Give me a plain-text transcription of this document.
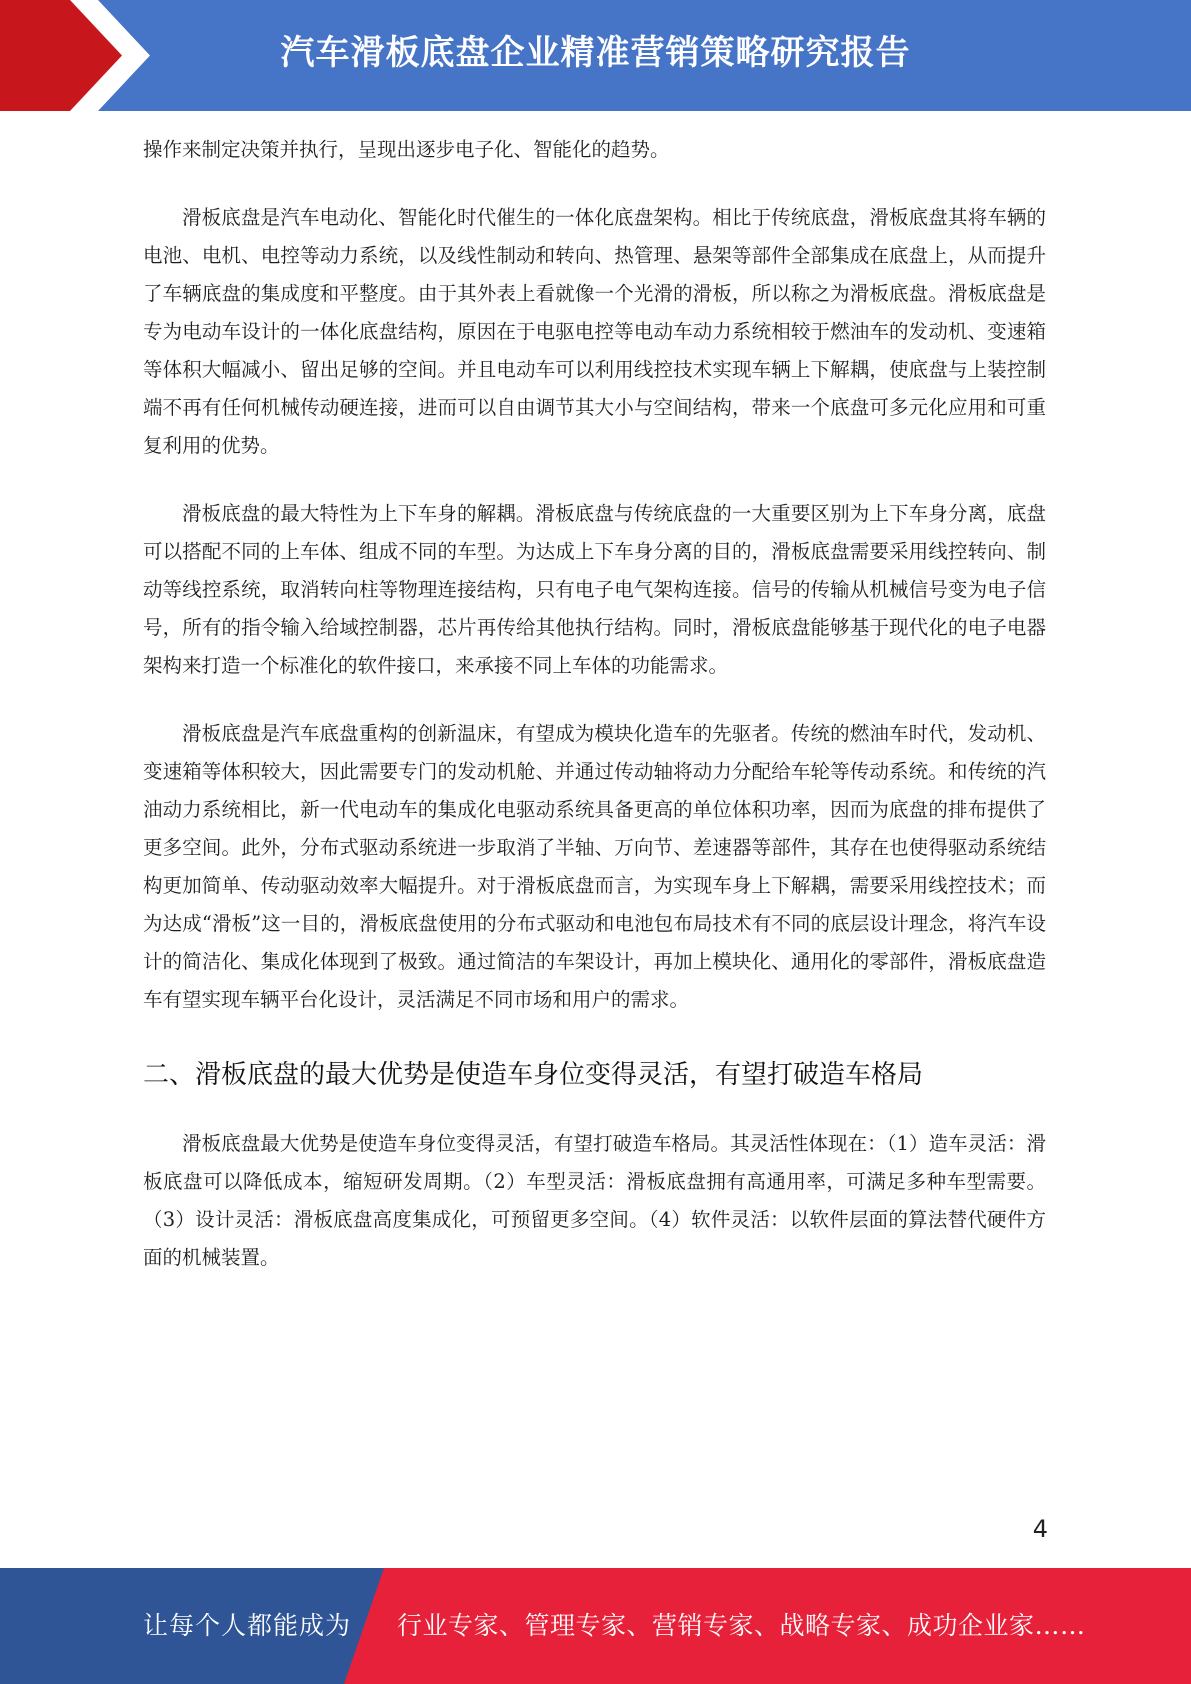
汽车滑板底盘企业精准营销策略研究报告

操作来制定决策并执行，呈现出逐步电子化、智能化的趋势。

滑板底盘是汽车电动化、智能化时代催生的一体化底盘架构。相比于传统底盘，滑板底盘其将车辆的电池、电机、电控等动力系统，以及线性制动和转向、热管理、悬架等部件全部集成在底盘上，从而提升了车辆底盘的集成度和平整度。由于其外表上看就像一个光滑的滑板，所以称之为滑板底盘。滑板底盘是专为电动车设计的一体化底盘结构，原因在于电驱电控等电动车动力系统相较于燃油车的发动机、变速箱等体积大幅减小、留出足够的空间。并且电动车可以利用线控技术实现车辆上下解耦，使底盘与上装控制端不再有任何机械传动硬连接，进而可以自由调节其大小与空间结构，带来一个底盘可多元化应用和可重复利用的优势。

滑板底盘的最大特性为上下车身的解耦。滑板底盘与传统底盘的一大重要区别为上下车身分离，底盘可以搭配不同的上车体、组成不同的车型。为达成上下车身分离的目的，滑板底盘需要采用线控转向、制动等线控系统，取消转向柱等物理连接结构，只有电子电气架构连接。信号的传输从机械信号变为电子信号，所有的指令输入给域控制器，芯片再传给其他执行结构。同时，滑板底盘能够基于现代化的电子电器架构来打造一个标准化的软件接口，来承接不同上车体的功能需求。

滑板底盘是汽车底盘重构的创新温床，有望成为模块化造车的先驱者。传统的燃油车时代，发动机、变速箱等体积较大，因此需要专门的发动机舱、并通过传动轴将动力分配给车轮等传动系统。和传统的汽油动力系统相比，新一代电动车的集成化电驱动系统具备更高的单位体积功率，因而为底盘的排布提供了更多空间。此外，分布式驱动系统进一步取消了半轴、万向节、差速器等部件，其存在也使得驱动系统结构更加简单、传动驱动效率大幅提升。对于滑板底盘而言，为实现车身上下解耦，需要采用线控技术；而为达成“滑板”这一目的，滑板底盘使用的分布式驱动和电池包布局技术有不同的底层设计理念，将汽车设计的简洁化、集成化体现到了极致。通过简洁的车架设计，再加上模块化、通用化的零部件，滑板底盘造车有望实现车辆平台化设计，灵活满足不同市场和用户的需求。

二、滑板底盘的最大优势是使造车身位变得灵活，有望打破造车格局

滑板底盘最大优势是使造车身位变得灵活，有望打破造车格局。其灵活性体现在：（1）造车灵活：滑板底盘可以降低成本，缩短研发周期。（2）车型灵活：滑板底盘拥有高通用率，可满足多种车型需要。（3）设计灵活：滑板底盘高度集成化，可预留更多空间。（4）软件灵活：以软件层面的算法替代硬件方面的机械装置。

4
让每个人都能成为 行业专家、管理专家、营销专家、战略专家、成功企业家……
